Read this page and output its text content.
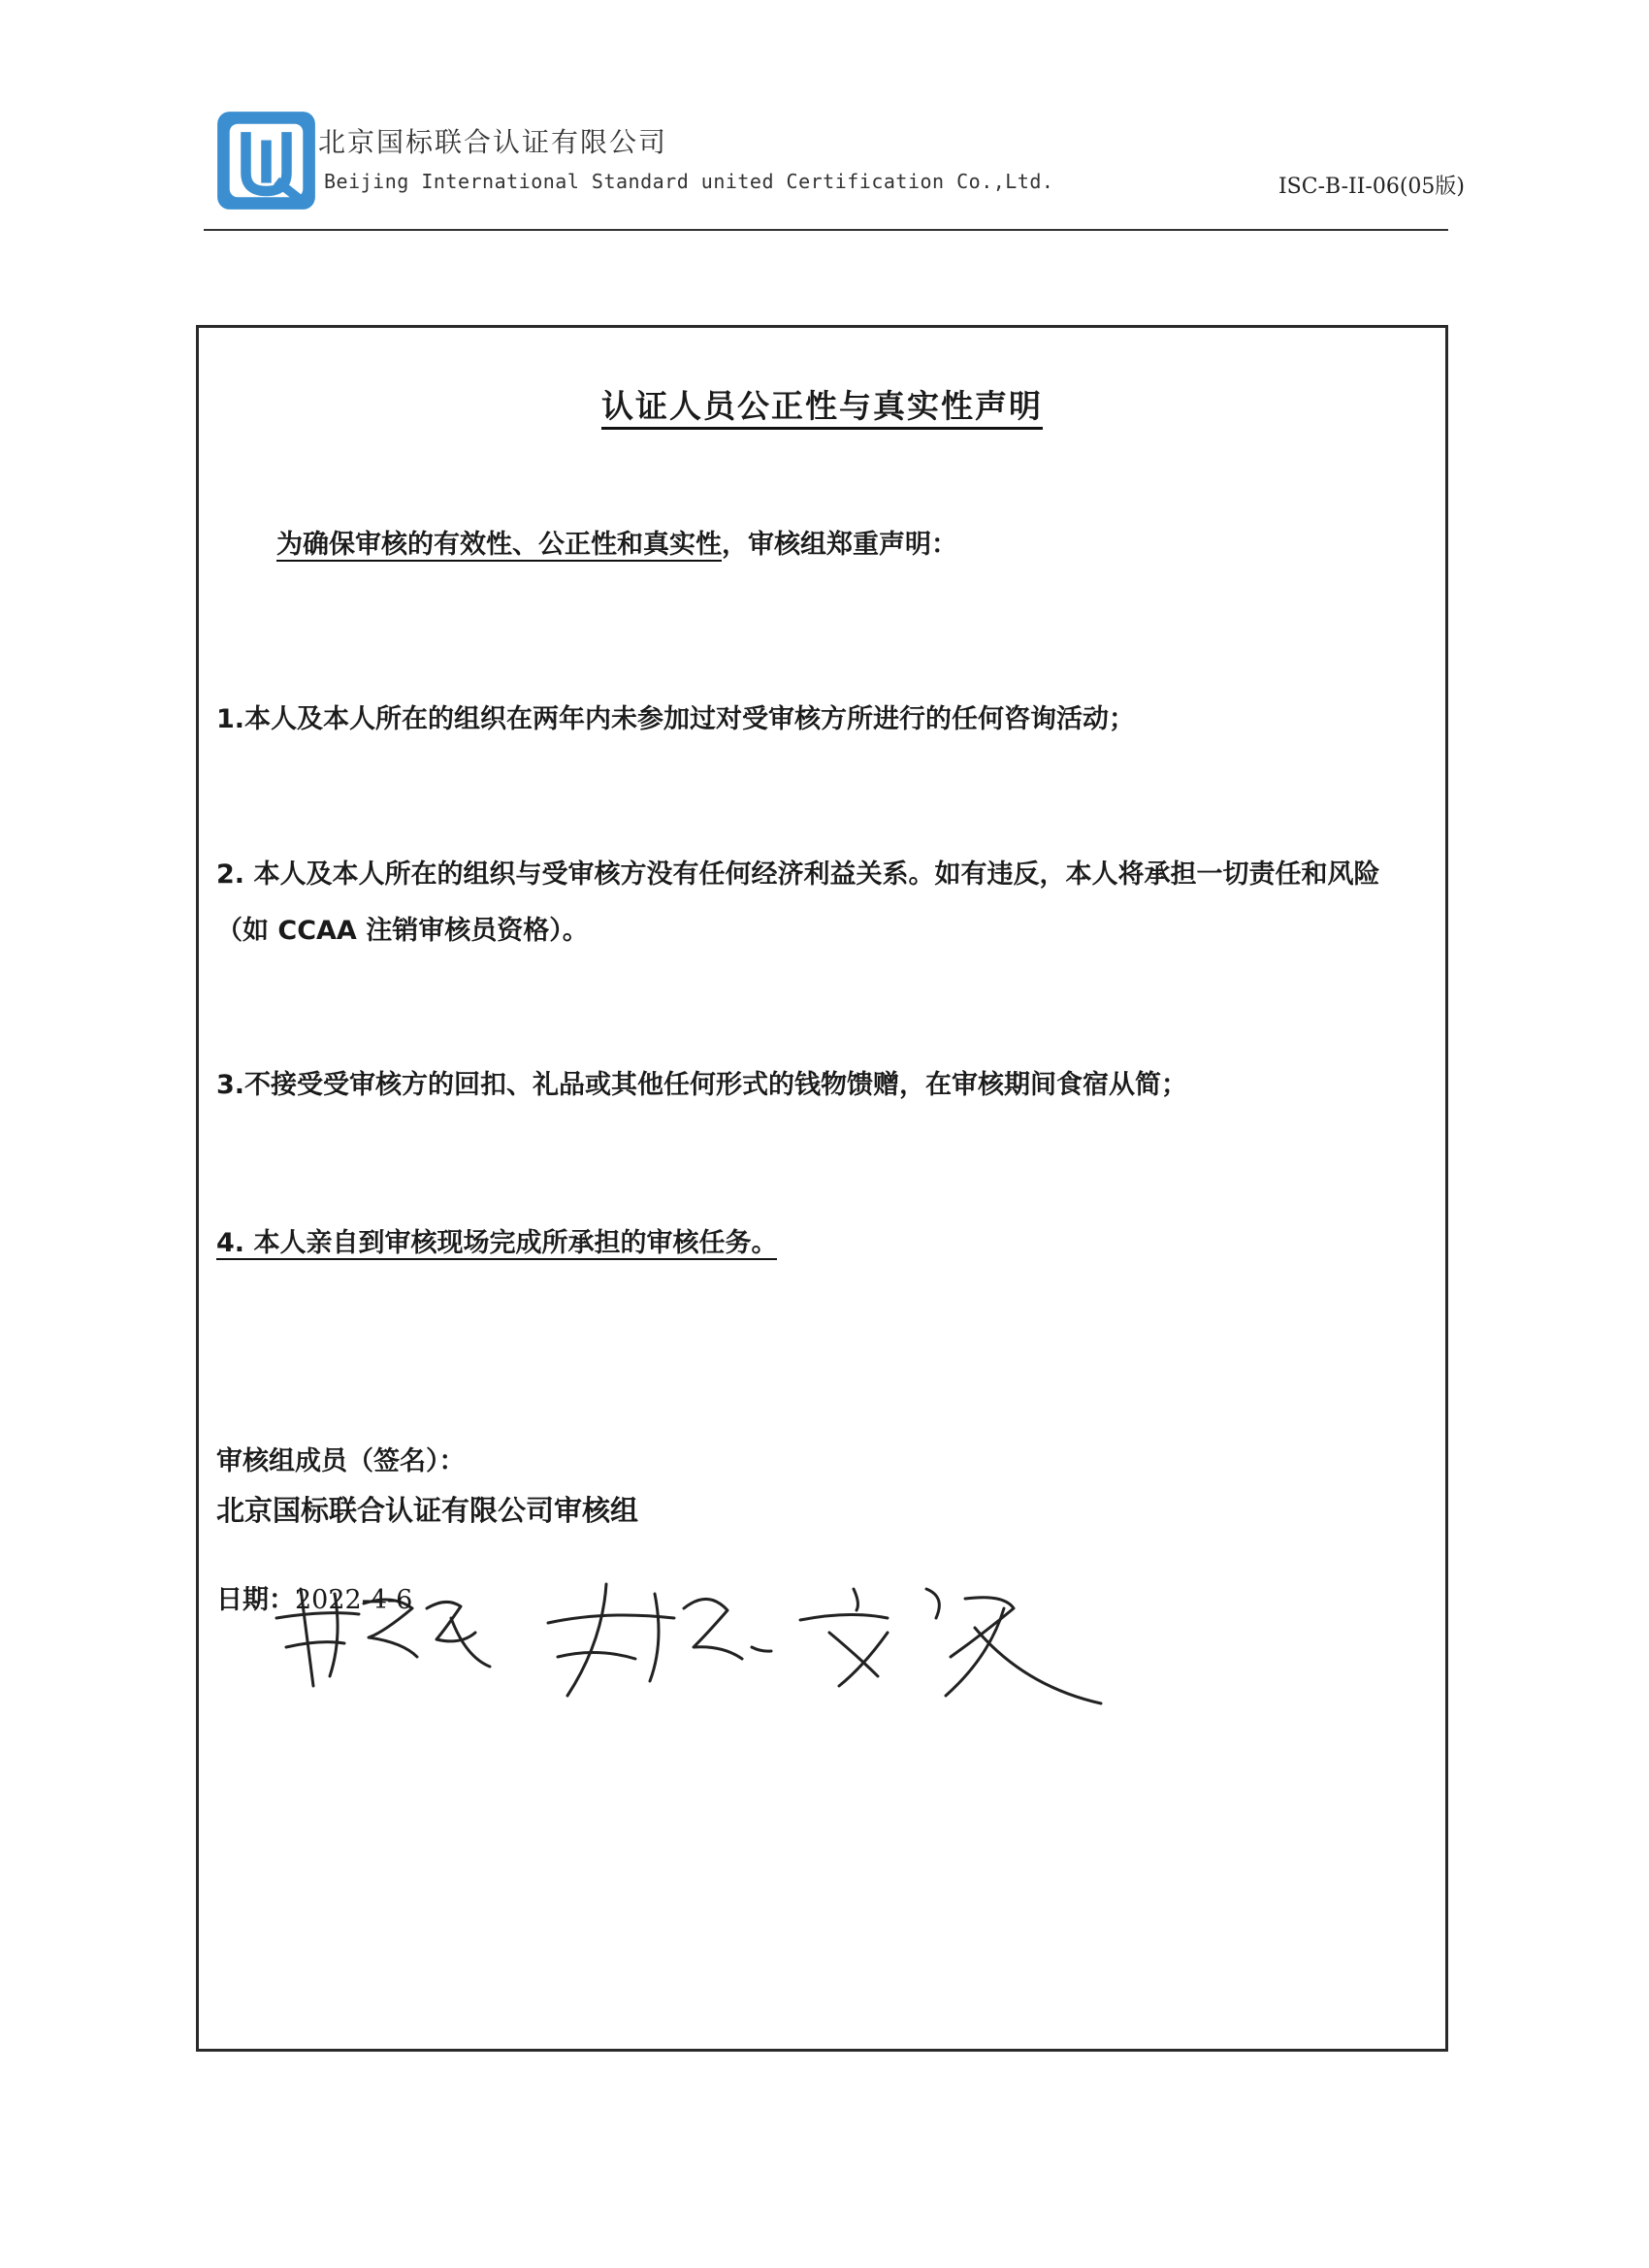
北京国标联合认证有限公司
Beijing International Standard united Certification Co.,Ltd.	ISC-B-II-06(05版)
认证人员公正性与真实性声明
为确保审核的有效性、公正性和真实性，审核组郑重声明：
1.本人及本人所在的组织在两年内未参加过对受审核方所进行的任何咨询活动；
2. 本人及本人所在的组织与受审核方没有任何经济利益关系。如有违反，本人将承担一切责任和风险（如 CCAA 注销审核员资格）。
3.不接受受审核方的回扣、礼品或其他任何形式的钱物馈赠，在审核期间食宿从简；
4. 本人亲自到审核现场完成所承担的审核任务。
审核组成员（签名）：
北京国标联合认证有限公司审核组
日期：2022-4-6
